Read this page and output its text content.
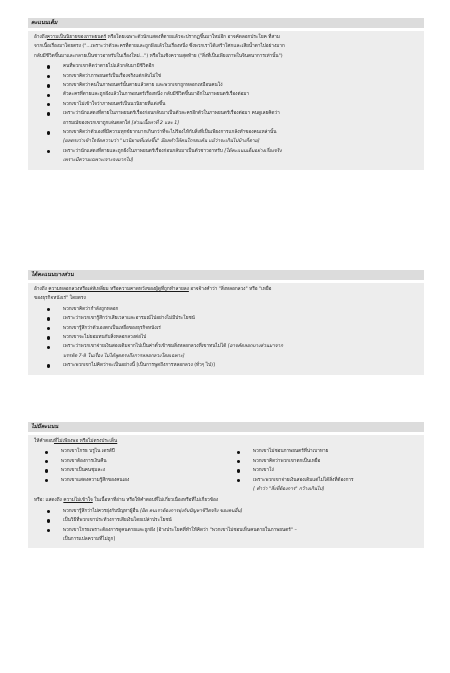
คะแนนเต็ม

อ้างถึงความเป็นนิยายของภาพยนตร์ หรือโดยเฉพาะตัวนักแสดงที่ตายแล้วจะปรากฏขึ้นมาใหม่อีก อาจคัดลอกประโยค ที่สาม

จากเนื้อเรื่องมาโดยตรง ("...เพราะว่าตัวละครที่ตายและถูกฝังแล้วในเรื่องหนึ่ง ซึ่งพวกเราได้เสร้าโศกและเสียน้ำตาไปอย่างมาก

กลับมีชีวิตขึ้นมาและกลายเป็นชาวอาหรับในเรื่องใหม่...") หรือในเชิงความสุดท้าย ("สิ่งที่เป็นเพียงภาพในจินตนาการเท่านั้น")

คนที่พวกเขาคิดว่าตายไปแล้วกลับมามีชีวิตอีก
พวกเขาคิดว่าภาพยนตร์เป็นเรื่องจริงแต่กลับไม่ใช่
พวกเขาคิดว่าคนในภาพยนตร์นั้นตายแล้วตาย และพวกเขาถูกหลอกเหมือนคนโง่
ตัวละครที่ตายและถูกฝังแล้วในภาพยนตร์เรื่องหนึ่ง กลับมีชีวิตขึ้นมาอีกในภาพยนตร์เรื่องต่อมา
พวกเขาไม่เข้าใจว่าภาพยนตร์เป็นนวนิยายที่แต่งขึ้น
เพราะว่านักแสดงที่ตายในภาพยนตร์เรื่องก่อนกลับมาเป็นตัวละครอีกตัวในภาพยนตร์เรื่องต่อมา คนดูเลยคิดว่า
อารมณ์ของพวกเขาถูกเล่นตลกใส่ [ส่วนเนื้อหาที่ 2 และ 1]
พวกเขาคิดว่าตัวเองที่มีความทุกข์ยากมากเกินกว่าที่จะไปร้องไห้กับสิ่งที่เป็นเพียงการแกล้งทำของคนเหล่านั้น
[ผลตรงว่าเข้าใจจัดความว่า "นวนิยายที่แต่งขึ้น" มีผลทำให้คนโกรธแค้น แม้ว่าจะเกินไปบ้างก็ตาม]
เพราะว่านักแสดงที่ตายและถูกฝังในภาพยนตร์เรื่องก่อนกลับมาเป็นตัวชาวอาหรับ [ได้คะแนนเต็มอย่างเรื่องจริง
เพราะมีความเฉพาะเจาะจงมากไป]
ได้คะแนนบางส่วน

อ้างถึง ความหลอกลวงหรือเล่ห์เหลี่ยม หรือความคาดหวังของผู้ดูที่ถูกทำลายลง อาจจ้างคำว่า "สิ่งหลอกลวง" หรือ "เหยื่อ

ของธุรกิจหนังเร่" โดยตรง

พวกเขาคิดว่ากำลังถูกหลอก
เพราะว่าพวกเขารู้สึกว่าเสียเวลาและอารมณ์ไปอย่างไม่มีประโยชน์
พวกเขารู้สึกว่าตัวเองตกเป็นเหยื่อของธุรกิจหนังเร่
พวกเขาจะไม่ยอมทนกับสิ่งหลอกลวงต่อไป
เพราะว่าพวกเขาจ่ายเงินสองเดิมจากไปเป็นค่าตั๋วเข้าชมสิ่งหลอกลวงที่เขาทนไม่ได้ [อาจคัดลอกบางส่วนมาจาก
บรรทัด 7-8 ในเรื่อง ไม่ได้พูดตรงถึงการหลอกลวงโดยเฉพาะ]
เพราะพวกเขาไม่คิดว่าจะเป็นอย่างนี้ [เป็นการพูดถึงการหลอกลวง (ทั่วๆ ไป)]
ไม่มีคะแนน

ให้คำตอบที่ไม่เพียงพอ หรือไม่ตรงประเด็น

พวกเขาโกรธ บรูไน เดรส์ปี
พวกเขาต้องการเงินคืน
พวกเขาเป็นคนชุมละง
พวกเขาแสดงความรู้สึกของคนเอง
พวกเขาไม่ชอบภาพยนตร์ที่น่าเบาหาย
พวกเขาคิดว่าพวกเขาตกเป็นเหยื่อ
พวกเขาโง่
เพราะพวกเขาจ่ายเงินสองเดิมแต่ไม่ได้สิ่งที่ต้องการ
[ คำว่า "สิ่งที่ต้องการ" กว้างเกินไป]

หรือ: แสดงถึง ความไม่เข้าใจ ในเนื้อหาที่อ่าน หรือให้คำตอบที่ไม่เกี่ยวเนื่องหรือที่ไม่เกี่ยวข้อง

พวกเขารู้สึกว่าไม่ควรยุ่งกับปัญหาผู้อื่น [ผิด คนเราต้องการยุ่งกับปัญหาชีวิตจริง ของคนอื่น]
เป็นวิธีที่พวกเขาประท้วงการเสียเงินโดยเปล่าประโยชน์
พวกเขาโกรธเพราะต้องการดูคนตายและถูกฝัง [อ้างประโยคที่ทำให้คิดว่า "พวกเขาไม่ชอบเห็นคนตายในภาพยนตร์" –
เป็นการแปลความที่ไม่ถูก]
